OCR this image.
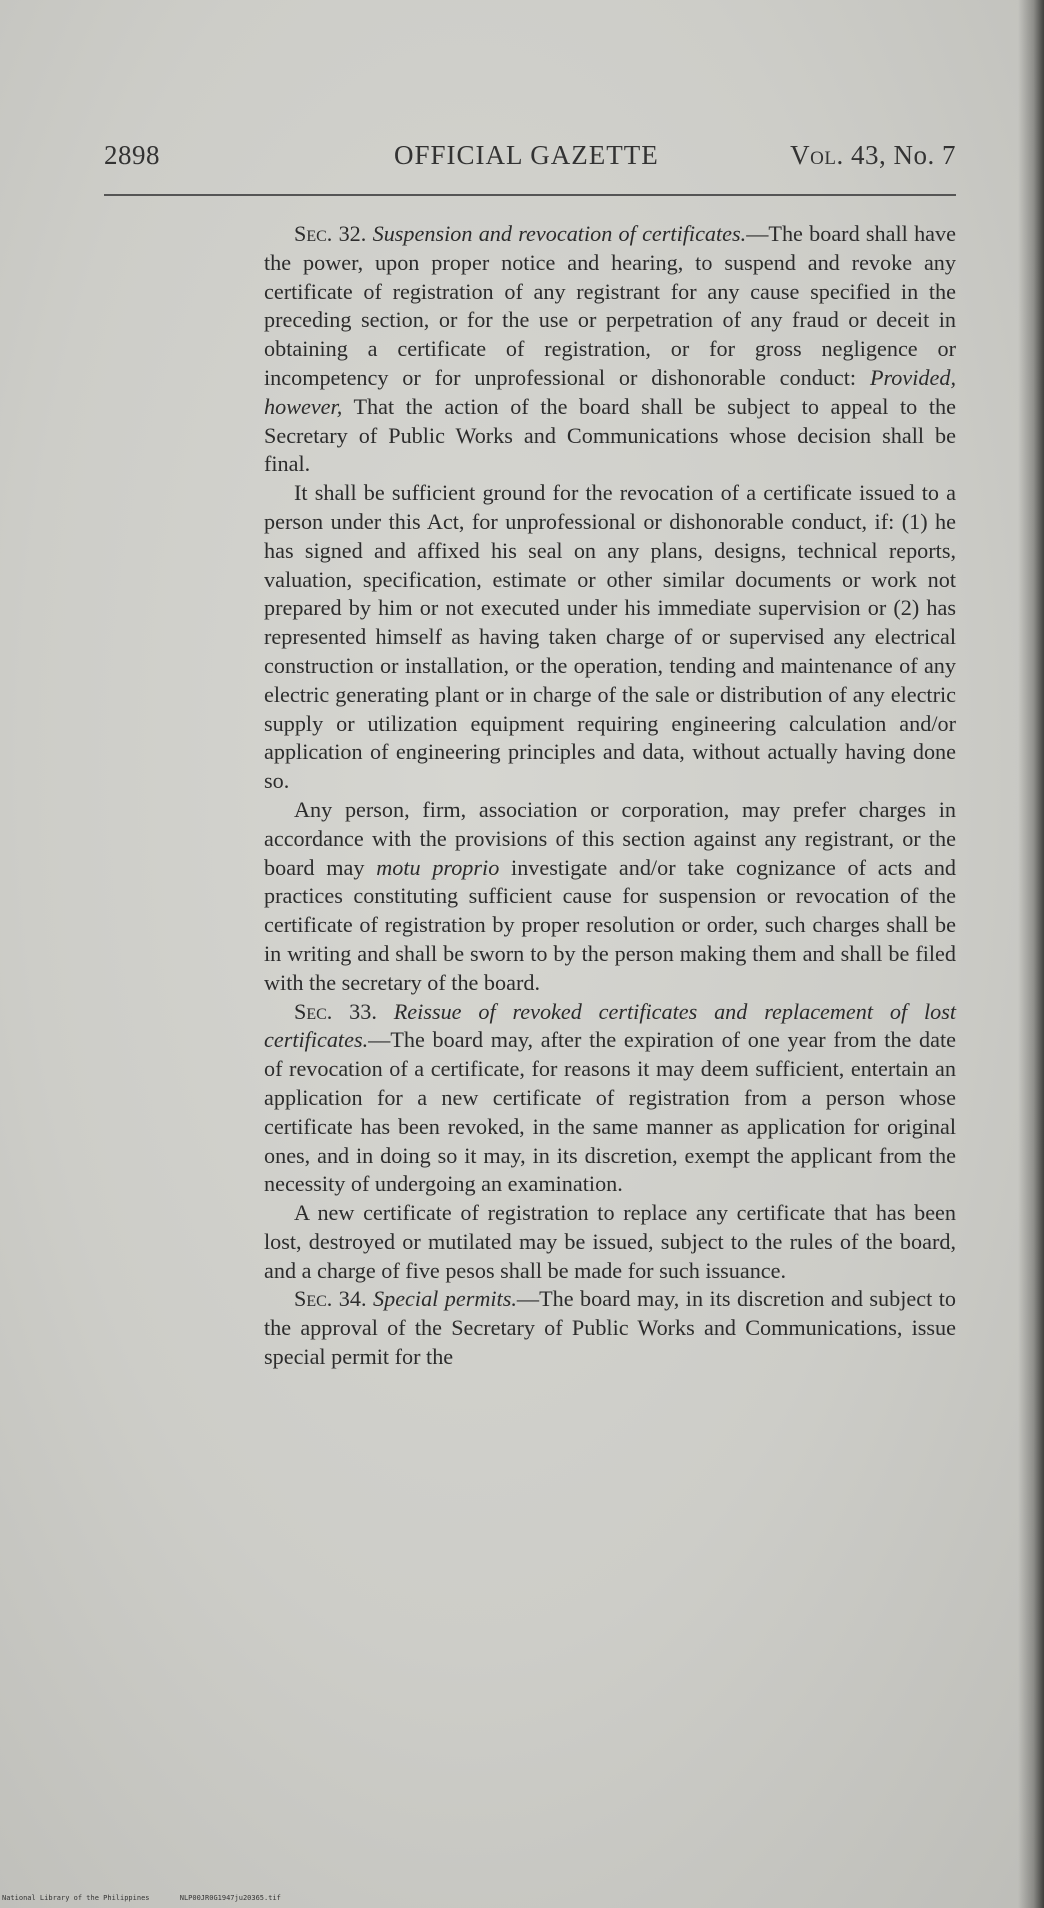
2898	OFFICIAL GAZETTE	Vol. 43, No. 7

Sec. 32. Suspension and revocation of certificates.—The board shall have the power, upon proper notice and hearing, to suspend and revoke any certificate of registration of any registrant for any cause specified in the preceding section, or for the use or perpetration of any fraud or deceit in obtaining a certificate of registration, or for gross negligence or incompetency or for unprofessional or dishonorable conduct: Provided, however, That the action of the board shall be subject to appeal to the Secretary of Public Works and Communications whose decision shall be final.

It shall be sufficient ground for the revocation of a certificate issued to a person under this Act, for unprofessional or dishonorable conduct, if: (1) he has signed and affixed his seal on any plans, designs, technical reports, valuation, specification, estimate or other similar documents or work not prepared by him or not executed under his immediate supervision or (2) has represented himself as having taken charge of or supervised any electrical construction or installation, or the operation, tending and maintenance of any electric generating plant or in charge of the sale or distribution of any electric supply or utilization equipment requiring engineering calculation and/or application of engineering principles and data, without actually having done so.

Any person, firm, association or corporation, may prefer charges in accordance with the provisions of this section against any registrant, or the board may motu proprio investigate and/or take cognizance of acts and practices constituting sufficient cause for suspension or revocation of the certificate of registration by proper resolution or order, such charges shall be in writing and shall be sworn to by the person making them and shall be filed with the secretary of the board.

Sec. 33. Reissue of revoked certificates and replacement of lost certificates.—The board may, after the expiration of one year from the date of revocation of a certificate, for reasons it may deem sufficient, entertain an application for a new certificate of registration from a person whose certificate has been revoked, in the same manner as application for original ones, and in doing so it may, in its discretion, exempt the applicant from the necessity of undergoing an examination.

A new certificate of registration to replace any certificate that has been lost, destroyed or mutilated may be issued, subject to the rules of the board, and a charge of five pesos shall be made for such issuance.

Sec. 34. Special permits.—The board may, in its discretion and subject to the approval of the Secretary of Public Works and Communications, issue special permit for the

National Library of the Philippines	NLP00JR0G1947ju20365.tif
